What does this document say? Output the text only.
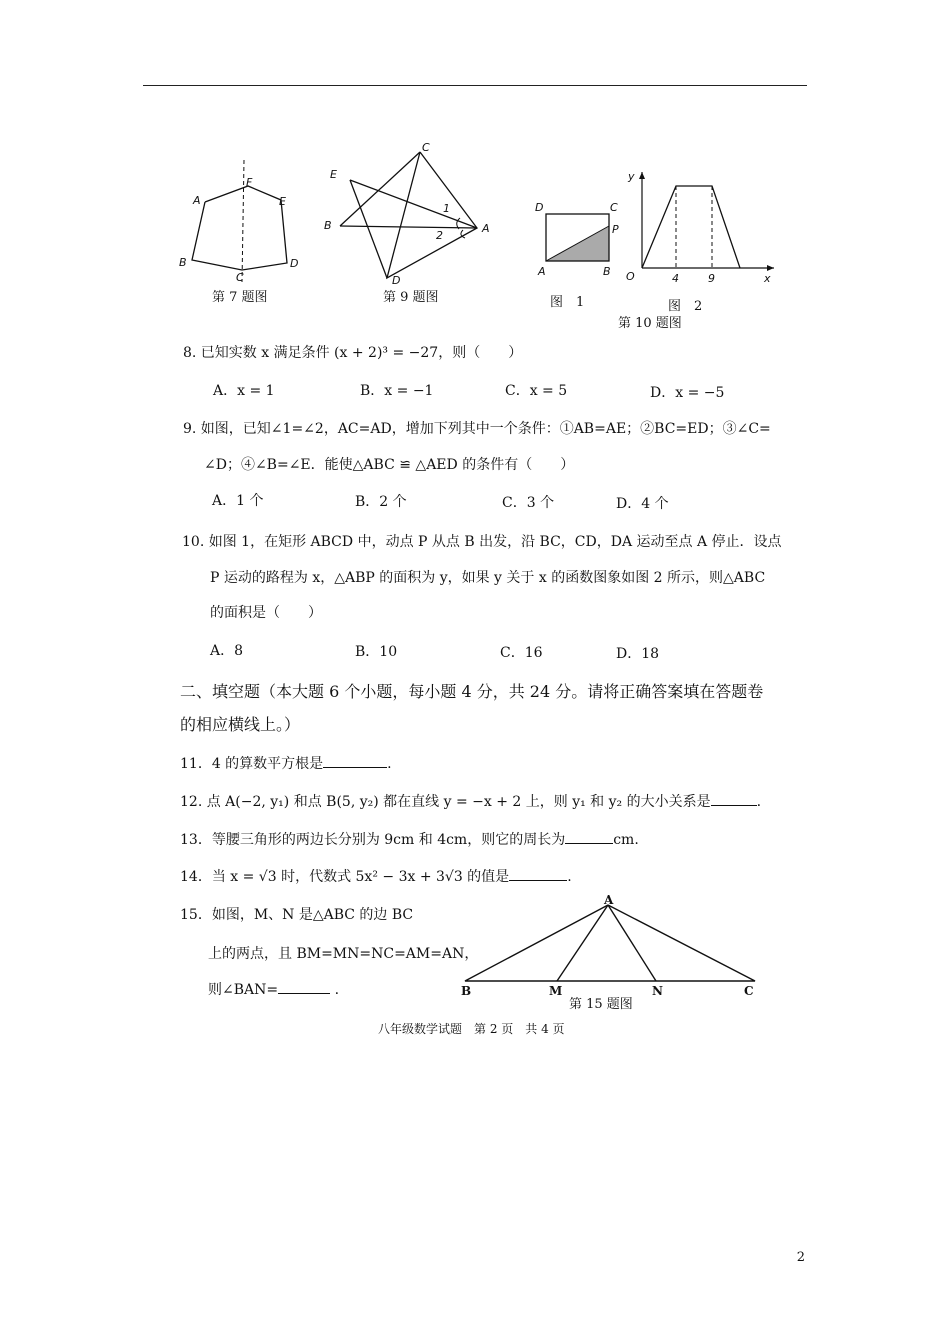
A
F
E
B
C
D
第 7 题图
C
E
B
1
2
A
D
第 9 题图
D	C
P
A	B
图　1
y
O	4	9	x
图　2
第 10 题图
8. 已知实数 x 满足条件 (x + 2)³ = −27，则（　　）
A．x = 1	B．x = −1	C．x = 5	D．x = −5
9. 如图，已知∠1=∠2，AC=AD，增加下列其中一个条件：①AB=AE；②BC=ED；③∠C=
∠D；④∠B=∠E．能使△ABC ≌ △AED 的条件有（　　）
A．1 个	B．2 个	C．3 个	D．4 个
10. 如图 1，在矩形 ABCD 中，动点 P 从点 B 出发，沿 BC，CD，DA 运动至点 A 停止．设点
P 运动的路程为 x，△ABP 的面积为 y，如果 y 关于 x 的函数图象如图 2 所示，则△ABC
的面积是（　　）
A．8	B．10	C．16	D．18
二、填空题（本大题 6 个小题，每小题 4 分，共 24 分。请将正确答案填在答题卷
的相应横线上。）
11．4 的算数平方根是	.
12. 点 A(−2, y₁) 和点 B(5, y₂) 都在直线 y = −x + 2 上，则 y₁ 和 y₂ 的大小关系是	.
13．等腰三角形的两边长分别为 9cm 和 4cm，则它的周长为	cm.
14．当 x = √3 时，代数式 5x² − 3x + 3√3 的值是	.
15．如图，M、N 是△ABC 的边 BC
上的两点，且 BM=MN=NC=AM=AN，
则∠BAN=	.
A
B	M	N	C
第 15 题图
八年级数学试题　第 2 页　共 4 页
2
